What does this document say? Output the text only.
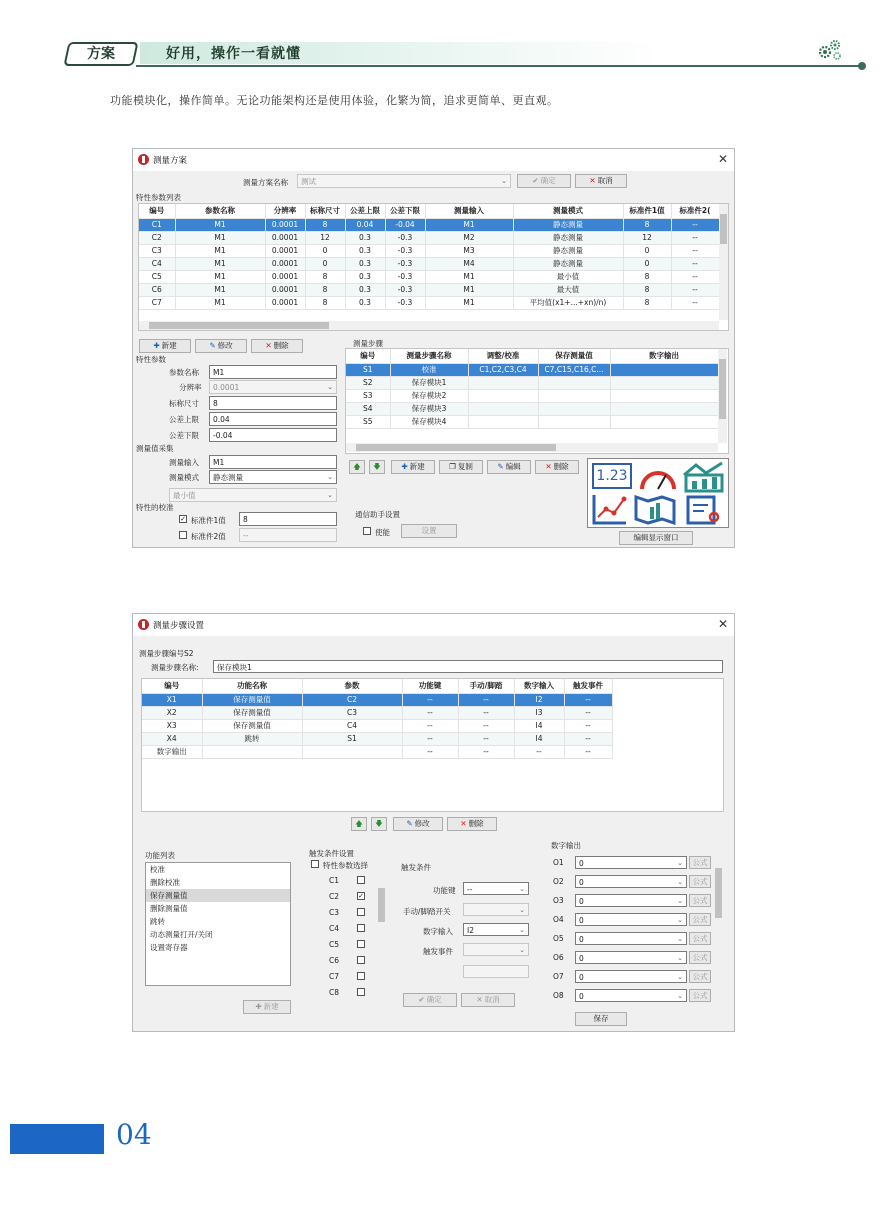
方案	好用，操作一看就懂
功能模块化，操作简单。无论功能架构还是使用体验，化繁为简，追求更简单、更直观。
测量方案	✕
测量方案名称	测试	⌄	✔ 确定	✕ 取消
特性参数列表
编号	参数名称	分辨率	标称尺寸	公差上限	公差下限	测量输入	测量模式	标准件1值	标准件2(
C1	M1	0.0001	8	0.04	-0.04	M1	静态测量	8	--
C2	M1	0.0001	12	0.3	-0.3	M2	静态测量	12	--
C3	M1	0.0001	0	0.3	-0.3	M3	静态测量	0	--
C4	M1	0.0001	0	0.3	-0.3	M4	静态测量	0	--
C5	M1	0.0001	8	0.3	-0.3	M1	最小值	8	--
C6	M1	0.0001	8	0.3	-0.3	M1	最大值	8	--
C7	M1	0.0001	8	0.3	-0.3	M1	平均值(x1+...+xn)/n)	8	--
✚ 新建	✎ 修改	✕ 删除
特性参数
参数名称	M1
分辨率	0.0001	⌄
标称尺寸	8
公差上限	0.04
公差下限	-0.04
测量值采集
测量输入	M1
测量模式	静态测量	⌄
最小值	⌄
特性的校准
✓ 标准件1值	8
标准件2值	--
测量步骤
编号	测量步骤名称	调整/校准	保存测量值	数字输出
S1	校准	C1,C2,C3,C4	C7,C15,C16,C...	
S2	保存模块1			
S3	保存模块2			
S4	保存模块3			
S5	保存模块4			
🡅	🡇	✚ 新建	❐ 复制	✎ 编辑	✕ 删除
通信助手设置
使能	设置
1.23
编辑显示窗口
测量步骤设置	✕
测量步骤编号S2
测量步骤名称:	保存模块1
编号	功能名称	参数	功能键	手动/脚踏	数字输入	触发事件
X1	保存测量值	C2	--	--	I2	--
X2	保存测量值	C3	--	--	I3	--
X3	保存测量值	C4	--	--	I4	--
X4	跳转	S1	--	--	I4	--
数字输出			--	--	--	--
🡅	🡇	✎ 修改	✕ 删除
功能列表
校准
删除校准
保存测量值
删除测量值
跳转
动态测量打开/关闭
设置寄存器
✚ 新建
触发条件设置
特性参数选择	触发条件
功能键	--	⌄
手动/脚踏开关	⌄
数字输入	I2	⌄
触发事件	⌄
✔ 确定	✕ 取消
数字输出
保存
C1
C2	✓
C3
C4
C5
C6
C7
C8
O1	0	⌄	公式
O2	0	⌄	公式
O3	0	⌄	公式
O4	0	⌄	公式
O5	0	⌄	公式
O6	0	⌄	公式
O7	0	⌄	公式
O8	0	⌄	公式
04
